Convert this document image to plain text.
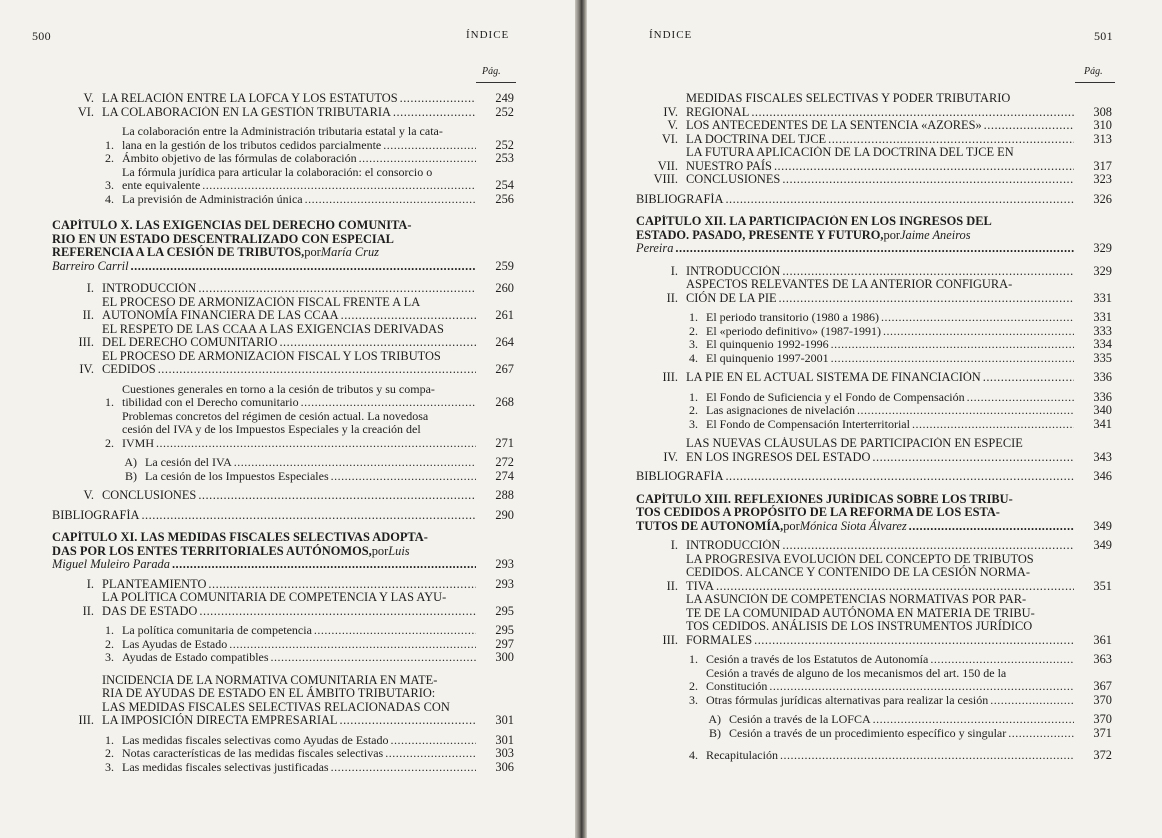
500	ÍNDICE
Pág.
V. LA RELACIÓN ENTRE LA LOFCA Y LOS ESTATUTOS .....	249
VI. LA COLABORACIÓN EN LA GESTIÓN TRIBUTARIA .....	252
1.
La colaboración entre la Administración tributaria estatal y la cata-
lana en la gestión de los tributos cedidos parcialmente .....	252
2. Ámbito objetivo de las fórmulas de colaboración .....	253
3.
La fórmula jurídica para articular la colaboración: el consorcio o
ente equivalente .....	254
4. La previsión de Administración única .....	256
CAPÍTULO X. LAS EXIGENCIAS DEL DERECHO COMUNITA-
RIO EN UN ESTADO DESCENTRALIZADO CON ESPECIAL
REFERENCIA A LA CESIÓN DE TRIBUTOS, por María Cruz
Barreiro Carril .....	259
I. INTRODUCCIÓN .....	260
II.
EL PROCESO DE ARMONIZACIÓN FISCAL FRENTE A LA
AUTONOMÍA FINANCIERA DE LAS CCAA .....	261
III.
EL RESPETO DE LAS CCAA A LAS EXIGENCIAS DERIVADAS
DEL DERECHO COMUNITARIO .....	264
IV.
EL PROCESO DE ARMONIZACIÓN FISCAL Y LOS TRIBUTOS
CEDIDOS .....	267
1.
Cuestiones generales en torno a la cesión de tributos y su compa-
tibilidad con el Derecho comunitario .....	268
2.
Problemas concretos del régimen de cesión actual. La novedosa
cesión del IVA y de los Impuestos Especiales y la creación del
IVMH .....	271
A) La cesión del IVA .....	272
B) La cesión de los Impuestos Especiales .....	274
V. CONCLUSIONES .....	288
BIBLIOGRAFÍA .....	290
CAPÍTULO XI. LAS MEDIDAS FISCALES SELECTIVAS ADOPTA-
DAS POR LOS ENTES TERRITORIALES AUTÓNOMOS, por Luis
Miguel Muleiro Parada .....	293
I. PLANTEAMIENTO .....	293
II.
LA POLÍTICA COMUNITARIA DE COMPETENCIA Y LAS AYU-
DAS DE ESTADO .....	295
1. La política comunitaria de competencia .....	295
2. Las Ayudas de Estado .....	297
3. Ayudas de Estado compatibles .....	300
III.
INCIDENCIA DE LA NORMATIVA COMUNITARIA EN MATE-
RIA DE AYUDAS DE ESTADO EN EL ÁMBITO TRIBUTARIO:
LAS MEDIDAS FISCALES SELECTIVAS RELACIONADAS CON
LA IMPOSICIÓN DIRECTA EMPRESARIAL .....	301
1. Las medidas fiscales selectivas como Ayudas de Estado .....	301
2. Notas características de las medidas fiscales selectivas .....	303
3. Las medidas fiscales selectivas justificadas .....	306
ÍNDICE	501
Pág.
IV.
MEDIDAS FISCALES SELECTIVAS Y PODER TRIBUTARIO
REGIONAL .....	308
V. LOS ANTECEDENTES DE LA SENTENCIA «AZORES» .....	310
VI. LA DOCTRINA DEL TJCE .....	313
VII.
LA FUTURA APLICACIÓN DE LA DOCTRINA DEL TJCE EN
NUESTRO PAÍS .....	317
VIII. CONCLUSIONES .....	323
BIBLIOGRAFÍA .....	326
CAPÍTULO XII. LA PARTICIPACIÓN EN LOS INGRESOS DEL
ESTADO. PASADO, PRESENTE Y FUTURO, por Jaime Aneiros
Pereira .....	329
I. INTRODUCCIÓN .....	329
II.
ASPECTOS RELEVANTES DE LA ANTERIOR CONFIGURA-
CIÓN DE LA PIE .....	331
1. El periodo transitorio (1980 a 1986) .....	331
2. El «periodo definitivo» (1987-1991) .....	333
3. El quinquenio 1992-1996 .....	334
4. El quinquenio 1997-2001 .....	335
III. LA PIE EN EL ACTUAL SISTEMA DE FINANCIACIÓN .....	336
1. El Fondo de Suficiencia y el Fondo de Compensación .....	336
2. Las asignaciones de nivelación .....	340
3. El Fondo de Compensación Interterritorial .....	341
IV.
LAS NUEVAS CLÁUSULAS DE PARTICIPACIÓN EN ESPECIE
EN LOS INGRESOS DEL ESTADO .....	343
BIBLIOGRAFÍA .....	346
CAPÍTULO XIII. REFLEXIONES JURÍDICAS SOBRE LOS TRIBU-
TOS CEDIDOS A PROPÓSITO DE LA REFORMA DE LOS ESTA-
TUTOS DE AUTONOMÍA, por Mónica Siota Álvarez .....	349
I. INTRODUCCIÓN .....	349
II.
LA PROGRESIVA EVOLUCIÓN DEL CONCEPTO DE TRIBUTOS
CEDIDOS. ALCANCE Y CONTENIDO DE LA CESIÓN NORMA-
TIVA .....	351
III.
LA ASUNCIÓN DE COMPETENCIAS NORMATIVAS POR PAR-
TE DE LA COMUNIDAD AUTÓNOMA EN MATERIA DE TRIBU-
TOS CEDIDOS. ANÁLISIS DE LOS INSTRUMENTOS JURÍDICO
FORMALES .....	361
1. Cesión a través de los Estatutos de Autonomía .....	363
2.
Cesión a través de alguno de los mecanismos del art. 150 de la
Constitución .....	367
3. Otras fórmulas jurídicas alternativas para realizar la cesión .....	370
A) Cesión a través de la LOFCA .....	370
B) Cesión a través de un procedimiento específico y singular .....	371
4. Recapitulación .....	372
